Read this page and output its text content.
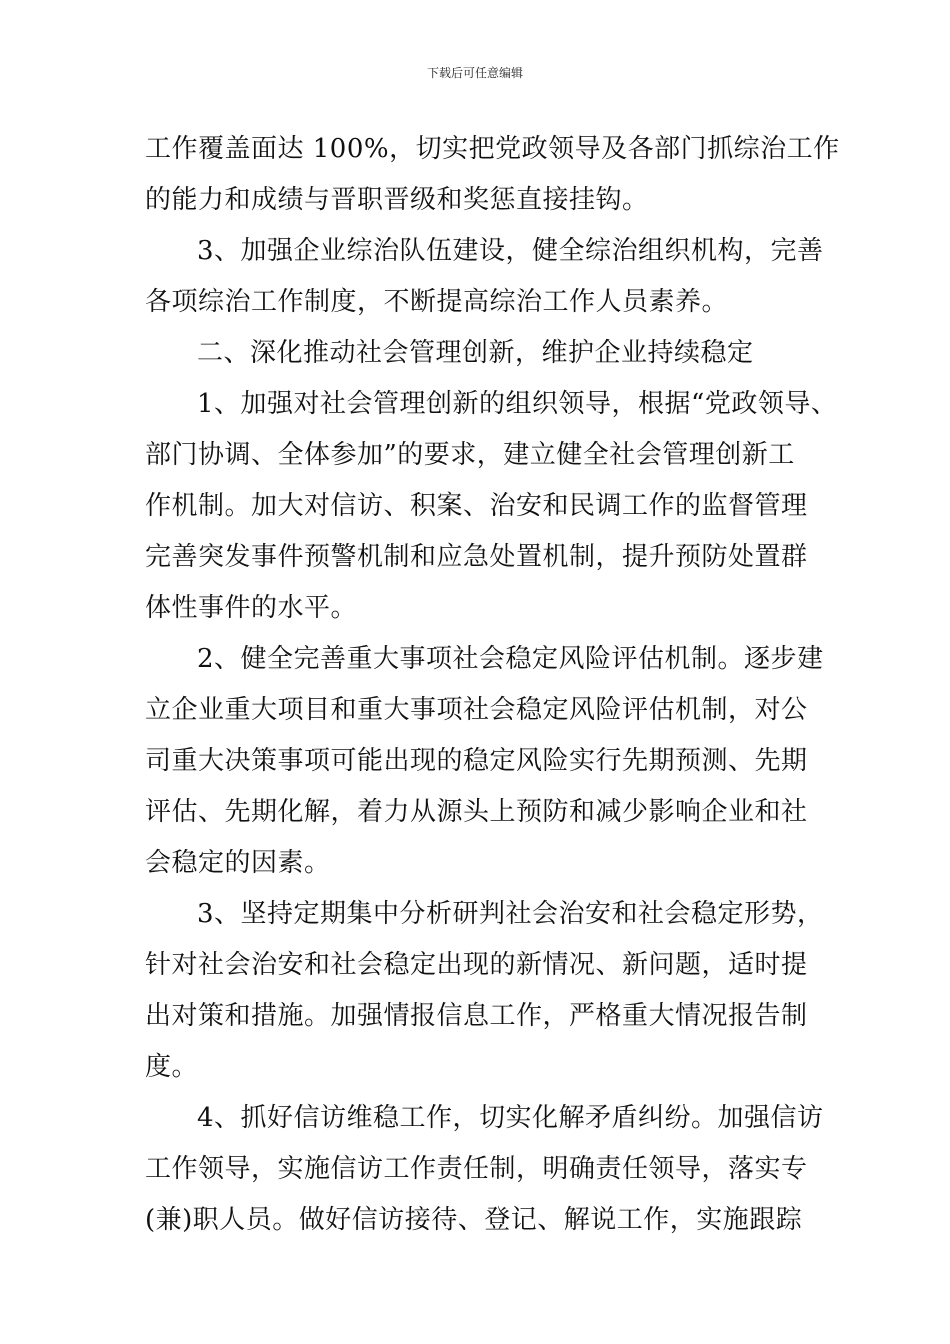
下载后可任意编辑
工作覆盖面达 100%，切实把党政领导及各部门抓综治工作
的能力和成绩与晋职晋级和奖惩直接挂钩。
3、加强企业综治队伍建设，健全综治组织机构，完善
各项综治工作制度，不断提高综治工作人员素养。
二、深化推动社会管理创新，维护企业持续稳定
1、加强对社会管理创新的组织领导，根据“党政领导、
部门协调、全体参加”的要求，建立健全社会管理创新工
作机制。加大对信访、积案、治安和民调工作的监督管理
完善突发事件预警机制和应急处置机制，提升预防处置群
体性事件的水平。
2、健全完善重大事项社会稳定风险评估机制。逐步建
立企业重大项目和重大事项社会稳定风险评估机制，对公
司重大决策事项可能出现的稳定风险实行先期预测、先期
评估、先期化解，着力从源头上预防和减少影响企业和社
会稳定的因素。
3、坚持定期集中分析研判社会治安和社会稳定形势，
针对社会治安和社会稳定出现的新情况、新问题，适时提
出对策和措施。加强情报信息工作，严格重大情况报告制
度。
4、抓好信访维稳工作，切实化解矛盾纠纷。加强信访
工作领导，实施信访工作责任制，明确责任领导，落实专
(兼)职人员。做好信访接待、登记、解说工作，实施跟踪
